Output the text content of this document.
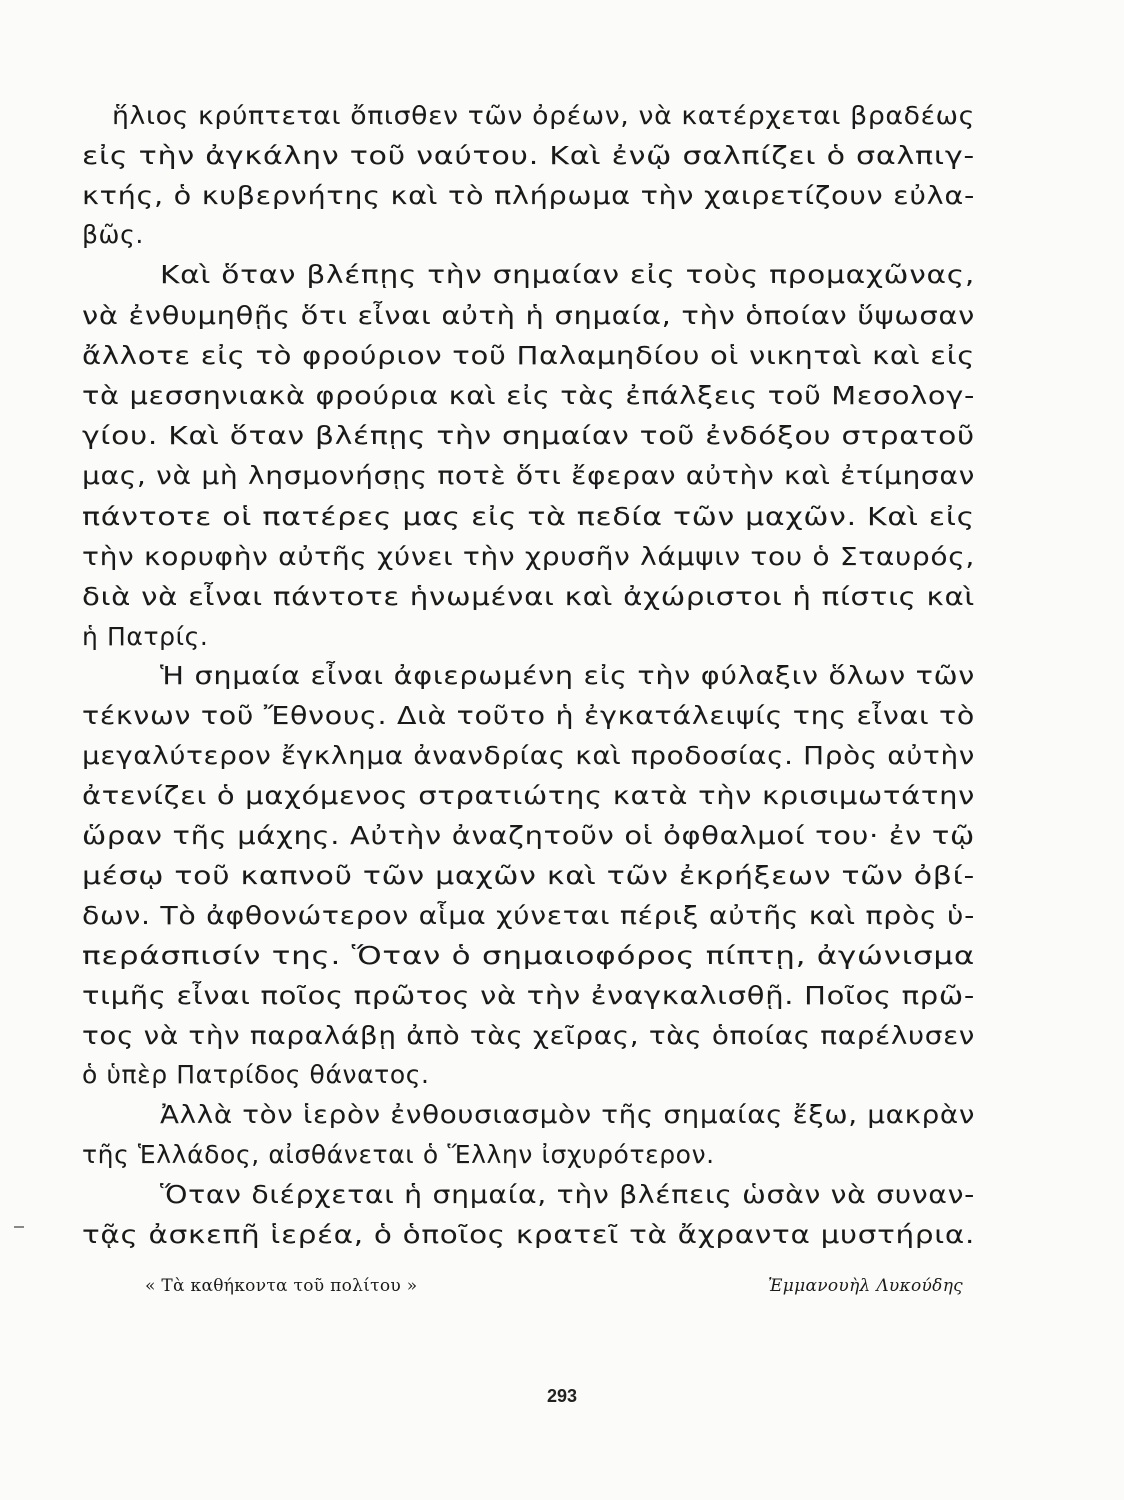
ἥλιος κρύπτεται ὄπισθεν τῶν ὀρέων, νὰ κατέρχεται βραδέως
εἰς τὴν ἀγκάλην τοῦ ναύτου. Καὶ ἐνῷ σαλπίζει ὁ σαλπιγ-
κτής, ὁ κυβερνήτης καὶ τὸ πλήρωμα τὴν χαιρετίζουν εὐλα-
βῶς.
Καὶ ὅταν βλέπῃς τὴν σημαίαν εἰς τοὺς προμαχῶνας,
νὰ ἐνθυμηθῇς ὅτι εἶναι αὐτὴ ἡ σημαία, τὴν ὁποίαν ὕψωσαν
ἄλλοτε εἰς τὸ φρούριον τοῦ Παλαμηδίου οἱ νικηταὶ καὶ εἰς
τὰ μεσσηνιακὰ φρούρια καὶ εἰς τὰς ἐπάλξεις τοῦ Μεσολογ-
γίου. Καὶ ὅταν βλέπῃς τὴν σημαίαν τοῦ ἐνδόξου στρατοῦ
μας, νὰ μὴ λησμονήσῃς ποτὲ ὅτι ἔφεραν αὐτὴν καὶ ἐτίμησαν
πάντοτε οἱ πατέρες μας εἰς τὰ πεδία τῶν μαχῶν. Καὶ εἰς
τὴν κορυφὴν αὐτῆς χύνει τὴν χρυσῆν λάμψιν του ὁ Σταυρός,
διὰ νὰ εἶναι πάντοτε ἡνωμέναι καὶ ἀχώριστοι ἡ πίστις καὶ
ἡ Πατρίς.
Ἡ σημαία εἶναι ἀφιερωμένη εἰς τὴν φύλαξιν ὅλων τῶν
τέκνων τοῦ Ἔθνους. Διὰ τοῦτο ἡ ἐγκατάλειψίς της εἶναι τὸ
μεγαλύτερον ἔγκλημα ἀνανδρίας καὶ προδοσίας. Πρὸς αὐτὴν
ἀτενίζει ὁ μαχόμενος στρατιώτης κατὰ τὴν κρισιμωτάτην
ὥραν τῆς μάχης. Αὐτὴν ἀναζητοῦν οἱ ὀφθαλμοί του· ἐν τῷ
μέσῳ τοῦ καπνοῦ τῶν μαχῶν καὶ τῶν ἐκρήξεων τῶν ὀβί-
δων. Τὸ ἀφθονώτερον αἷμα χύνεται πέριξ αὐτῆς καὶ πρὸς ὑ-
περάσπισίν της. Ὅταν ὁ σημαιοφόρος πίπτῃ, ἀγώνισμα
τιμῆς εἶναι ποῖος πρῶτος νὰ τὴν ἐναγκαλισθῇ. Ποῖος πρῶ-
τος νὰ τὴν παραλάβῃ ἀπὸ τὰς χεῖρας, τὰς ὁποίας παρέλυσεν
ὁ ὑπὲρ Πατρίδος θάνατος.
Ἀλλὰ τὸν ἱερὸν ἐνθουσιασμὸν τῆς σημαίας ἔξω, μακρὰν
τῆς Ἑλλάδος, αἰσθάνεται ὁ Ἕλλην ἰσχυρότερον.
Ὅταν διέρχεται ἡ σημαία, τὴν βλέπεις ὡσὰν νὰ συναν-
τᾷς ἀσκεπῆ ἱερέα, ὁ ὁποῖος κρατεῖ τὰ ἄχραντα μυστήρια.
« Τὰ καθήκοντα τοῦ πολίτου »	Ἐμμανουὴλ Λυκούδης
293
